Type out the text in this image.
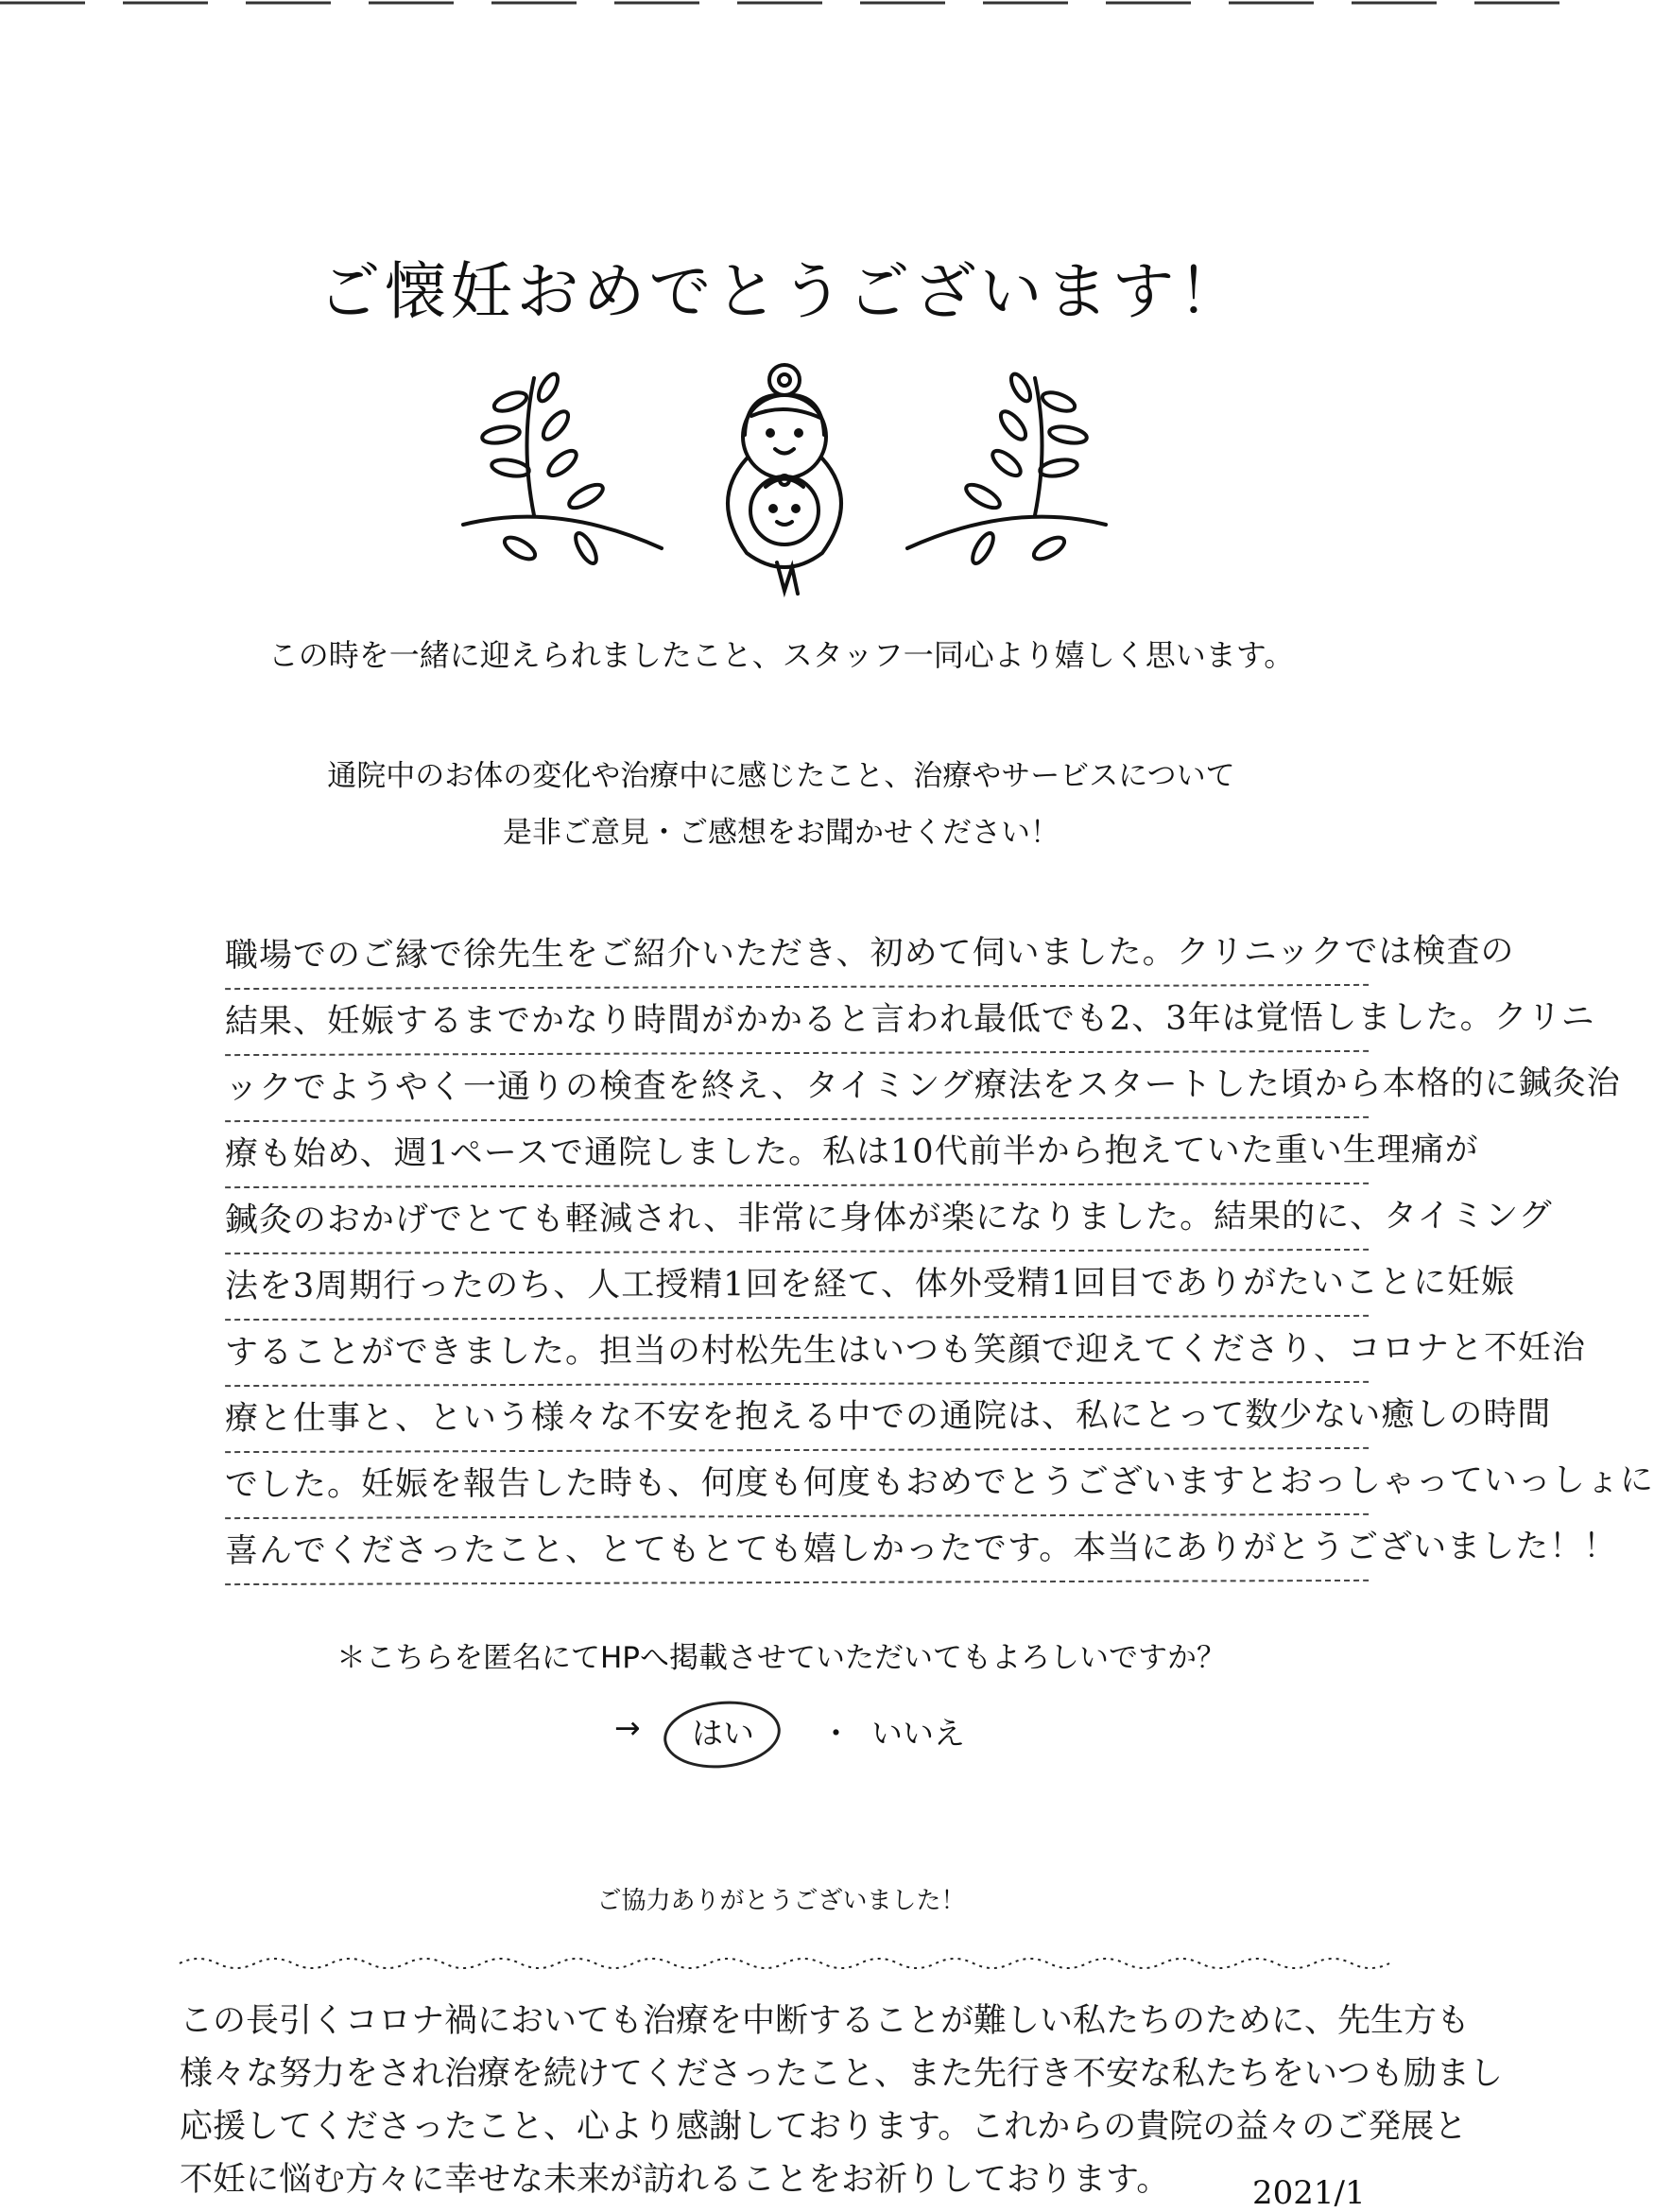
ご懐妊おめでとうございます！
この時を一緒に迎えられましたこと、スタッフ一同心より嬉しく思います。
通院中のお体の変化や治療中に感じたこと、治療やサービスについて
是非ご意見・ご感想をお聞かせください！
職場でのご縁で徐先生をご紹介いただき、初めて伺いました。クリニックでは検査の
結果、妊娠するまでかなり時間がかかると言われ最低でも2、3年は覚悟しました。クリニ
ックでようやく一通りの検査を終え、タイミング療法をスタートした頃から本格的に鍼灸治
療も始め、週1ペースで通院しました。私は10代前半から抱えていた重い生理痛が
鍼灸のおかげでとても軽減され、非常に身体が楽になりました。結果的に、タイミング
法を3周期行ったのち、人工授精1回を経て、体外受精1回目でありがたいことに妊娠
することができました。担当の村松先生はいつも笑顔で迎えてくださり、コロナと不妊治
療と仕事と、という様々な不安を抱える中での通院は、私にとって数少ない癒しの時間
でした。妊娠を報告した時も、何度も何度もおめでとうございますとおっしゃっていっしょに
喜んでくださったこと、とてもとても嬉しかったです。本当にありがとうございました！！
＊こちらを匿名にてHPへ掲載させていただいてもよろしいですか？
→ はい ・ いいえ
ご協力ありがとうございました！
この長引くコロナ禍においても治療を中断することが難しい私たちのために、先生方も
様々な努力をされ治療を続けてくださったこと、また先行き不安な私たちをいつも励まし
応援してくださったこと、心より感謝しております。これからの貴院の益々のご発展と
不妊に悩む方々に幸せな未来が訪れることをお祈りしております。	2021/1
